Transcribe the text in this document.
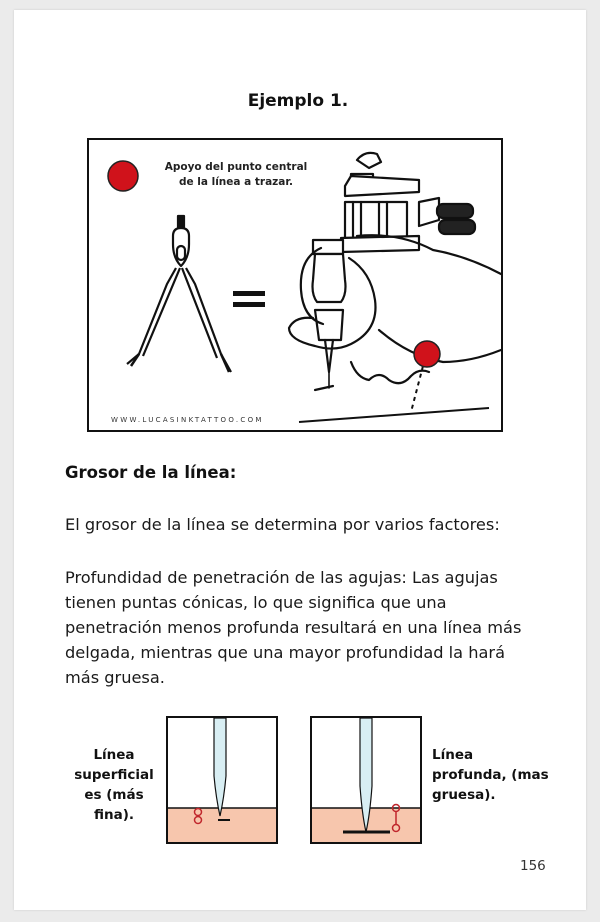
Ejemplo 1.
Apoyo del punto central de la línea a trazar.
WWW.LUCASINKTATTOO.COM
Grosor de la línea:

El grosor de la línea se determina por varios factores:

Profundidad de penetración de las agujas: Las agujas tienen puntas cónicas, lo que significa que una penetración menos profunda resultará en una línea más delgada, mientras que una mayor profundidad la hará más gruesa.

Línea superficial es (más fina).
Línea profunda, (mas gruesa).
156
